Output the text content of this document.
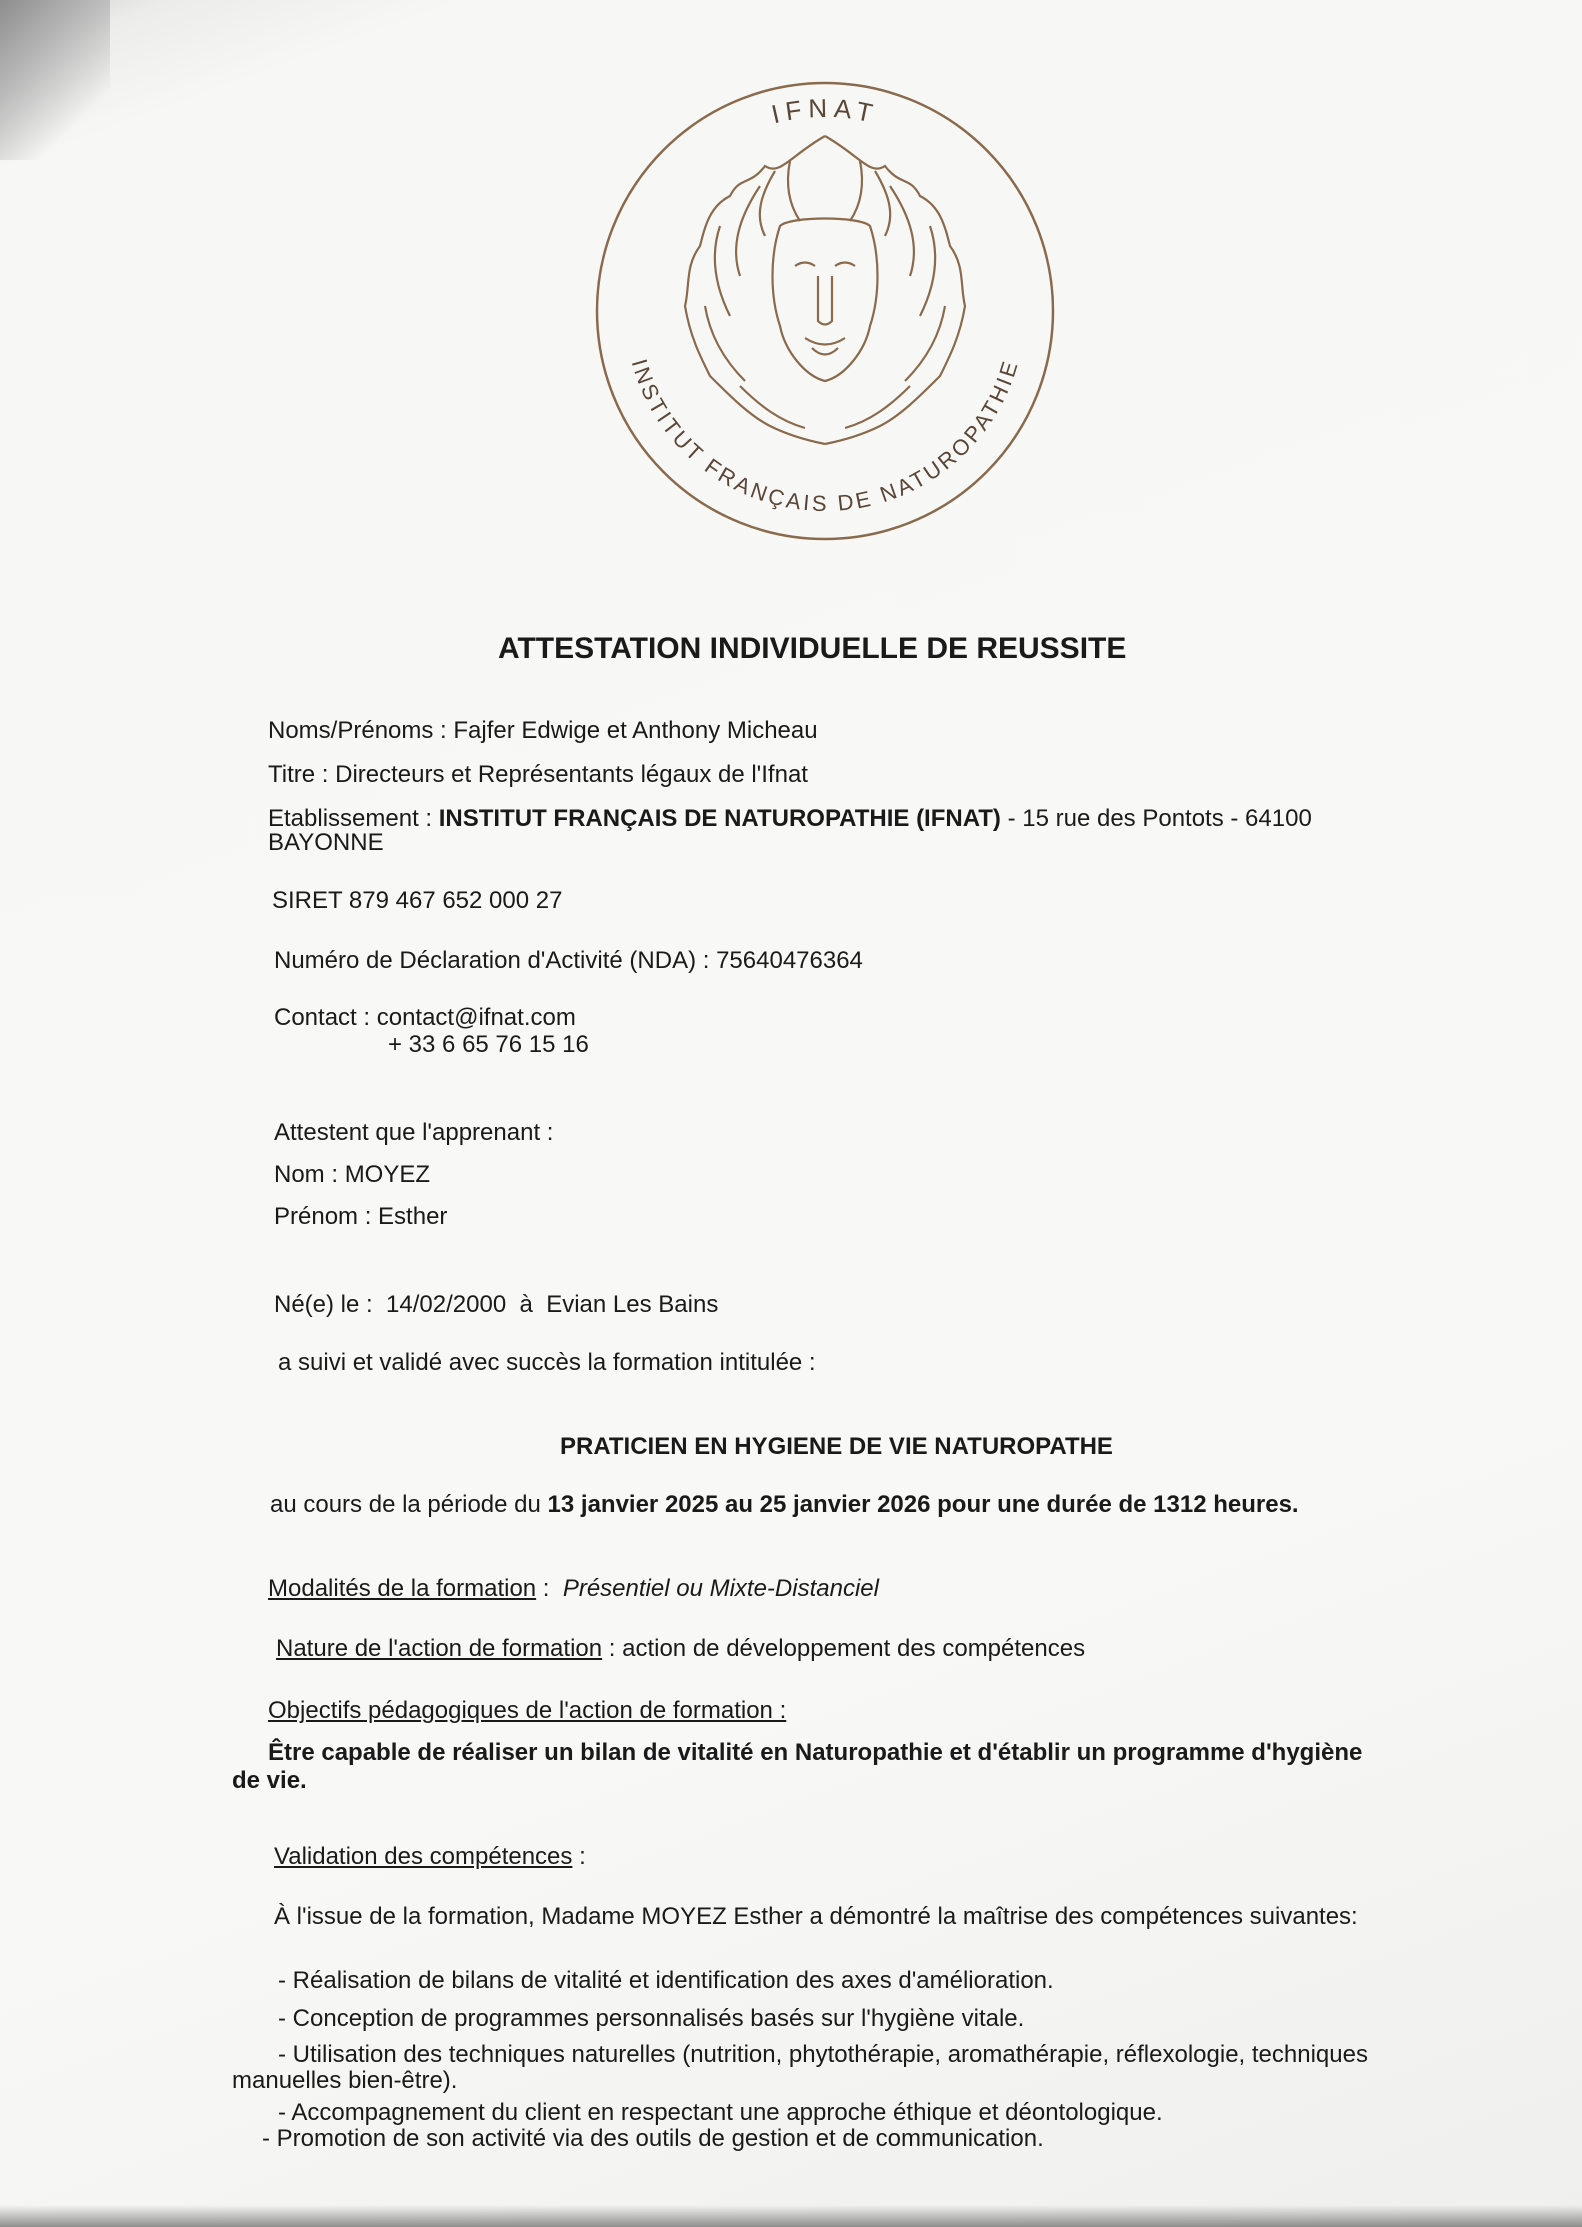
IFNAT
INSTITUT FRANÇAIS DE NATUROPATHIE
ATTESTATION INDIVIDUELLE DE REUSSITE
Noms/Prénoms : Fajfer Edwige et Anthony Micheau
Titre : Directeurs et Représentants légaux de l'Ifnat
Etablissement : INSTITUT FRANÇAIS DE NATUROPATHIE (IFNAT) - 15 rue des Pontots - 64100
BAYONNE
SIRET 879 467 652 000 27
Numéro de Déclaration d'Activité (NDA) : 75640476364
Contact : contact@ifnat.com
+ 33 6 65 76 15 16
Attestent que l'apprenant :
Nom : MOYEZ
Prénom : Esther
Né(e) le : 14/02/2000 à Evian Les Bains
a suivi et validé avec succès la formation intitulée :
PRATICIEN EN HYGIENE DE VIE NATUROPATHE
au cours de la période du 13 janvier 2025 au 25 janvier 2026 pour une durée de 1312 heures.
Modalités de la formation : Présentiel ou Mixte-Distanciel
Nature de l'action de formation : action de développement des compétences
Objectifs pédagogiques de l'action de formation :
Être capable de réaliser un bilan de vitalité en Naturopathie et d'établir un programme d'hygiène
de vie.
Validation des compétences :
À l'issue de la formation, Madame MOYEZ Esther a démontré la maîtrise des compétences suivantes:
- Réalisation de bilans de vitalité et identification des axes d'amélioration.
- Conception de programmes personnalisés basés sur l'hygiène vitale.
- Utilisation des techniques naturelles (nutrition, phytothérapie, aromathérapie, réflexologie, techniques
manuelles bien-être).
- Accompagnement du client en respectant une approche éthique et déontologique.
- Promotion de son activité via des outils de gestion et de communication.
